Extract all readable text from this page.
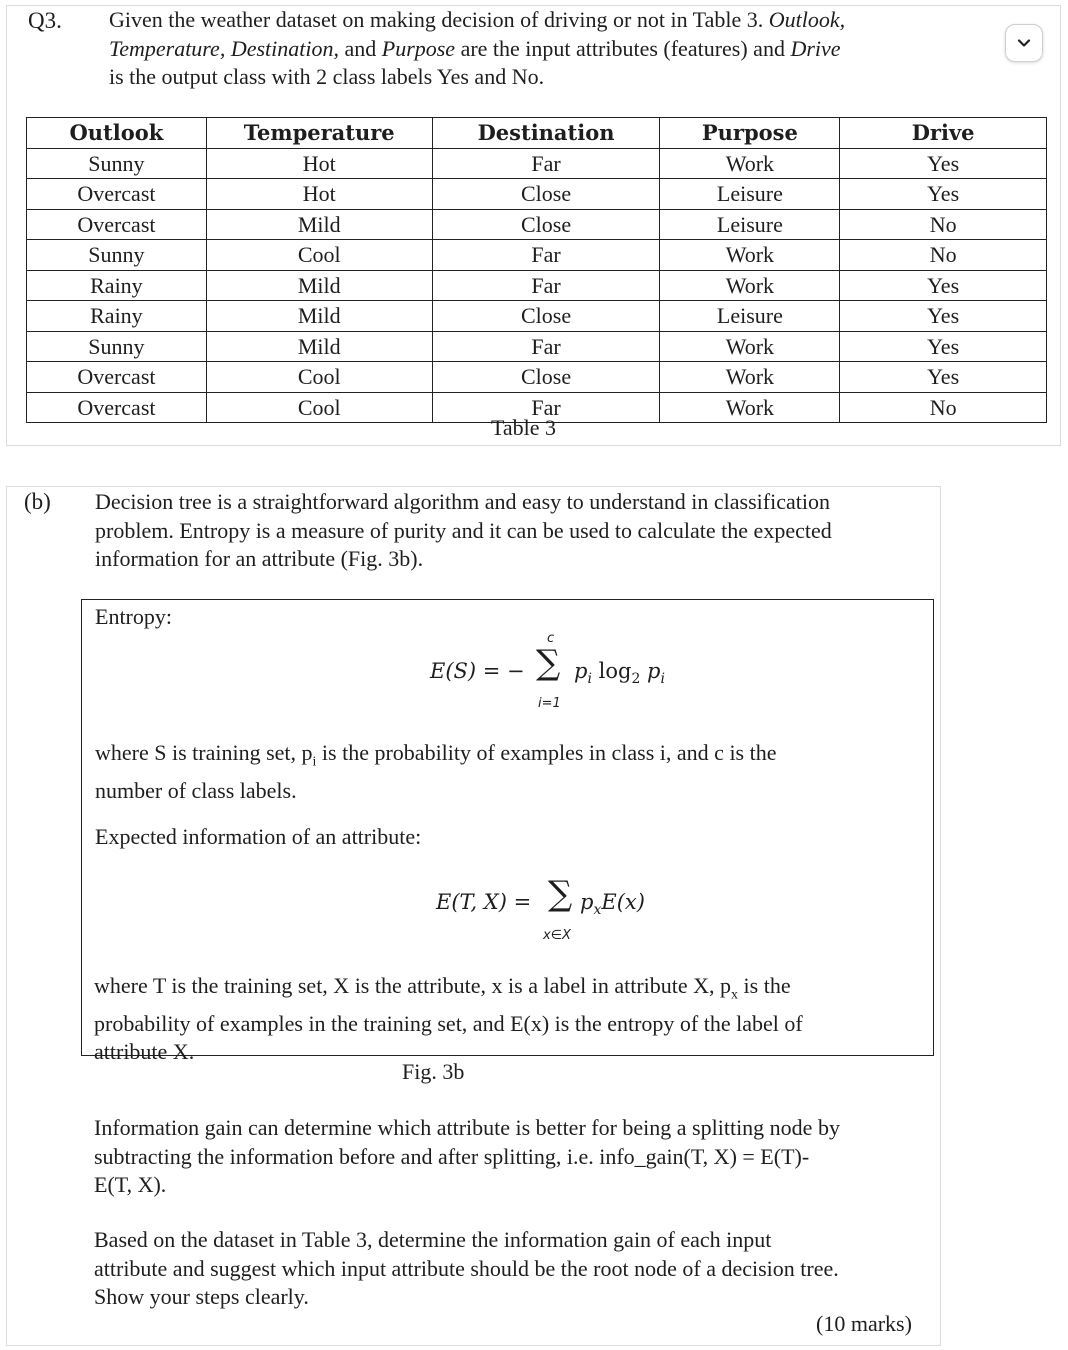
Q3. Given the weather dataset on making decision of driving or not in Table 3. Outlook,
Temperature, Destination, and Purpose are the input attributes (features) and Drive
is the output class with 2 class labels Yes and No.
Outlook	Temperature	Destination	Purpose	Drive
Sunny	Hot	Far	Work	Yes
Overcast	Hot	Close	Leisure	Yes
Overcast	Mild	Close	Leisure	No
Sunny	Cool	Far	Work	No
Rainy	Mild	Far	Work	Yes
Rainy	Mild	Close	Leisure	Yes
Sunny	Mild	Far	Work	Yes
Overcast	Cool	Close	Work	Yes
Overcast	Cool	Far	Work	No
Table 3
(b) Decision tree is a straightforward algorithm and easy to understand in classification
problem. Entropy is a measure of purity and it can be used to calculate the expected
information for an attribute (Fig. 3b).
Entropy:
E(S) = −
c
∑
i=1
$p_i$ $\log_2 p_i$
where S is training set, $p_i$ is the probability of examples in class i, and c is the
number of class labels.
Expected information of an attribute:
E(T, X) = ∑
x∈X
$p_xE(x)$
where T is the training set, X is the attribute, x is a label in attribute X, $p_x$ is the
probability of examples in the training set, and E(x) is the entropy of the label of
attribute X.
Fig. 3b
Information gain can determine which attribute is better for being a splitting node by
subtracting the information before and after splitting, i.e. info_gain(T, X) = E(T)-
E(T, X).
Based on the dataset in Table 3, determine the information gain of each input
attribute and suggest which input attribute should be the root node of a decision tree.
Show your steps clearly.
(10 marks)
